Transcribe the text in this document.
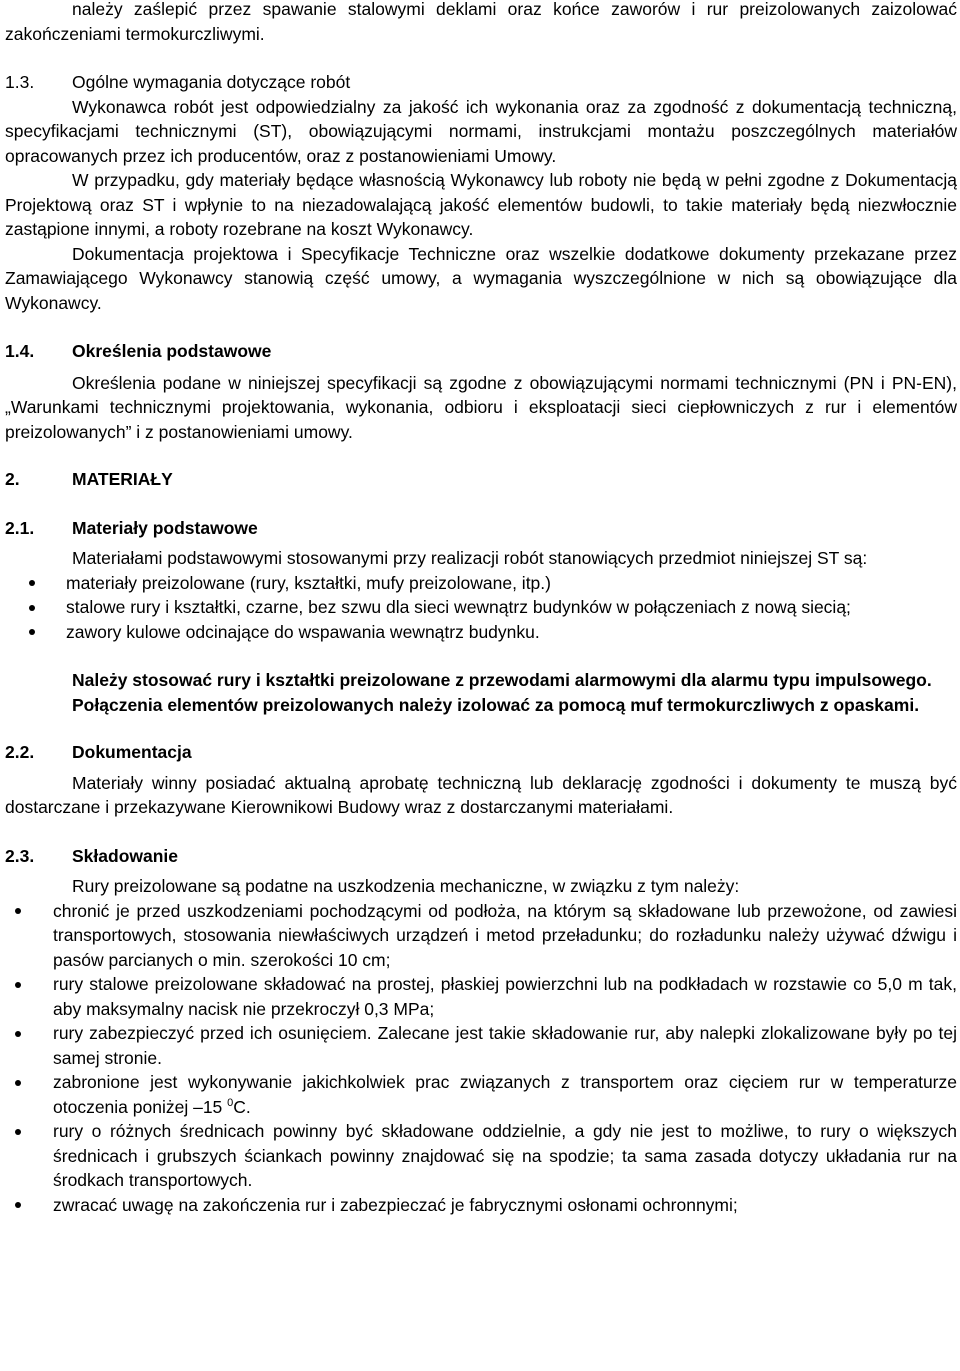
należy zaślepić przez spawanie stalowymi deklami oraz końce zaworów i rur preizolowanych zaizolować zakończeniami termokurczliwymi.

1.3.	Ogólne wymagania dotyczące robót

Wykonawca robót jest odpowiedzialny za jakość ich wykonania oraz za zgodność z dokumentacją techniczną, specyfikacjami technicznymi (ST), obowiązującymi normami, instrukcjami montażu poszczególnych materiałów opracowanych przez ich producentów, oraz z postanowieniami Umowy.

W przypadku, gdy materiały będące własnością Wykonawcy lub roboty nie będą w pełni zgodne z Dokumentacją Projektową oraz ST i wpłynie to na niezadowalającą jakość elementów budowli, to takie materiały będą niezwłocznie zastąpione innymi, a roboty rozebrane na koszt Wykonawcy.

Dokumentacja projektowa i Specyfikacje Techniczne oraz wszelkie dodatkowe dokumenty przekazane przez Zamawiającego Wykonawcy stanowią część umowy, a wymagania wyszczególnione w nich są obowiązujące dla Wykonawcy.

1.4.	Określenia podstawowe

Określenia podane w niniejszej specyfikacji są zgodne z obowiązującymi normami technicznymi (PN i PN-EN), „Warunkami technicznymi projektowania, wykonania, odbioru i eksploatacji sieci ciepłowniczych z rur i elementów preizolowanych” i z postanowieniami umowy.

2.	MATERIAŁY
2.1.	Materiały podstawowe

Materiałami podstawowymi stosowanymi przy realizacji robót stanowiących przedmiot niniejszej ST są:

materiały preizolowane (rury, kształtki, mufy preizolowane, itp.)
stalowe rury i kształtki, czarne, bez szwu dla sieci wewnątrz budynków w połączeniach z nową siecią;
zawory kulowe odcinające do wspawania wewnątrz budynku.

Należy stosować rury i kształtki preizolowane z przewodami alarmowymi dla alarmu typu impulsowego.

Połączenia elementów preizolowanych należy izolować za pomocą muf termokurczliwych z opaskami.

2.2.	Dokumentacja

Materiały winny posiadać aktualną aprobatę techniczną lub deklarację zgodności i dokumenty te muszą być dostarczane i przekazywane Kierownikowi Budowy wraz z dostarczanymi materiałami.

2.3.	Składowanie

Rury preizolowane są podatne na uszkodzenia mechaniczne, w związku z tym należy:

chronić je przed uszkodzeniami pochodzącymi od podłoża, na którym są składowane lub przewożone, od zawiesi transportowych, stosowania niewłaściwych urządzeń i metod przeładunku; do rozładunku należy używać dźwigu i pasów parcianych o min. szerokości 10 cm;
rury stalowe preizolowane składować na prostej, płaskiej powierzchni lub na podkładach w rozstawie co 5,0 m tak, aby maksymalny nacisk nie przekroczył 0,3 MPa;
rury zabezpieczyć przed ich osunięciem. Zalecane jest takie składowanie rur, aby nalepki zlokalizowane były po tej samej stronie.
zabronione jest wykonywanie jakichkolwiek prac związanych z transportem oraz cięciem rur w temperaturze otoczenia poniżej –15 $^0$C.
rury o różnych średnicach powinny być składowane oddzielnie, a gdy nie jest to możliwe, to rury o większych średnicach i grubszych ściankach powinny znajdować się na spodzie; ta sama zasada dotyczy układania rur na środkach transportowych.
zwracać uwagę na zakończenia rur i zabezpieczać je fabrycznymi osłonami ochronnymi;
